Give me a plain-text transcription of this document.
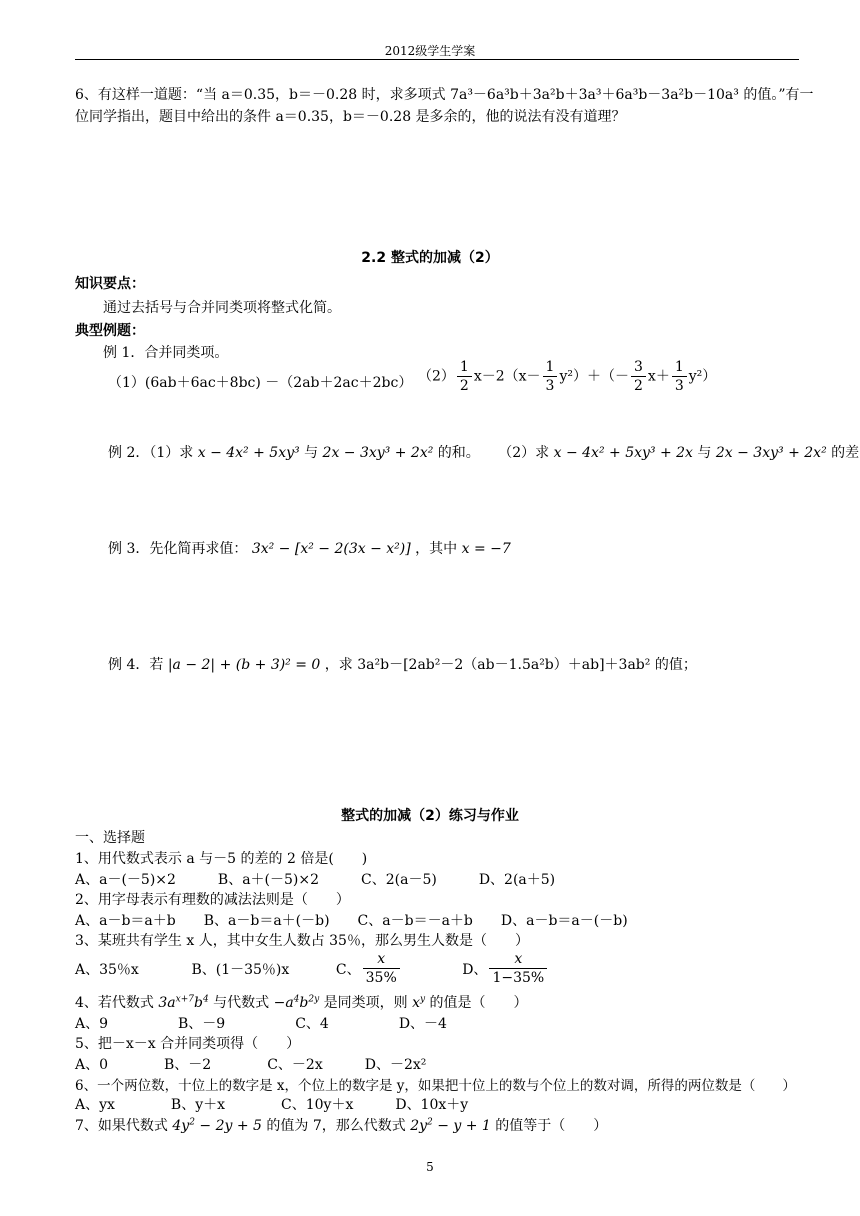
2012级学生学案
6、有这样一道题：“当 a＝0.35，b＝－0.28 时，求多项式 7a³－6a³b＋3a²b＋3a³＋6a³b－3a²b－10a³ 的值。”有一
位同学指出，题目中给出的条件 a＝0.35，b＝－0.28 是多余的，他的说法有没有道理？
2.2 整式的加减（2）
知识要点：
通过去括号与合并同类项将整式化简。
典型例题：
例 1．合并同类项。
（1）(6ab＋6ac＋8bc) －（2ab＋2ac＋2bc） $(2) \frac{1}{2} x-2(x- \frac{1}{3} y^2)+(- \frac{3}{2} x+ \frac{1}{3} y^2)$
例 2．（1）求 x − 4x² + 5xy³ 与 2x − 3xy³ + 2x² 的和。 （2）求 x − 4x² + 5xy³ + 2x 与 2x − 3xy³ + 2x² 的差
例 3．先化简再求值： 3x² − [x² − 2(3x − x²)] ，其中 x = −7
例 4．若 |a − 2| + (b + 3)² = 0 ，求 3a²b－[2ab²－2（ab－1.5a²b）＋ab]＋3ab² 的值；
整式的加减（2）练习与作业
一、选择题
1、用代数式表示 a 与－5 的差的 2 倍是(　　)
A、a－(－5)×2　　　B、a＋(－5)×2　　　C、2(a－5)　　　D、2(a＋5)
2、用字母表示有理数的减法法则是（　　）
A、a－b＝a＋b　　B、a－b＝a＋(－b)　　C、a－b＝－a＋b　　D、a－b＝a－(－b)
3、某班共有学生 x 人，其中女生人数占 35％，那么男生人数是（　　）
A、35％x	B、(1－35％)x	C、 $\frac{x}{35\%}$	D、 $\frac{x}{1-35\%}$
4、若代数式 $3a^{x+7}b^4$ 与代数式 $-a^4b^{2y}$ 是同类项，则 $x^y$ 的值是（　　）
A、9　　　　　B、－9　　　　　C、4　　　　　D、－4
5、把－x－x 合并同类项得（　　）
A、0　　　　B、－2　　　　C、－2x　　　D、－2x²
6、一个两位数，十位上的数字是 x，个位上的数字是 y，如果把十位上的数与个位上的数对调，所得的两位数是（　　）
A、yx　　　　B、y＋x　　　　C、10y＋x　　　D、10x＋y
7、如果代数式 $4y^2 - 2y + 5$ 的值为 7，那么代数式 $2y^2 - y + 1$ 的值等于（　　）
5
